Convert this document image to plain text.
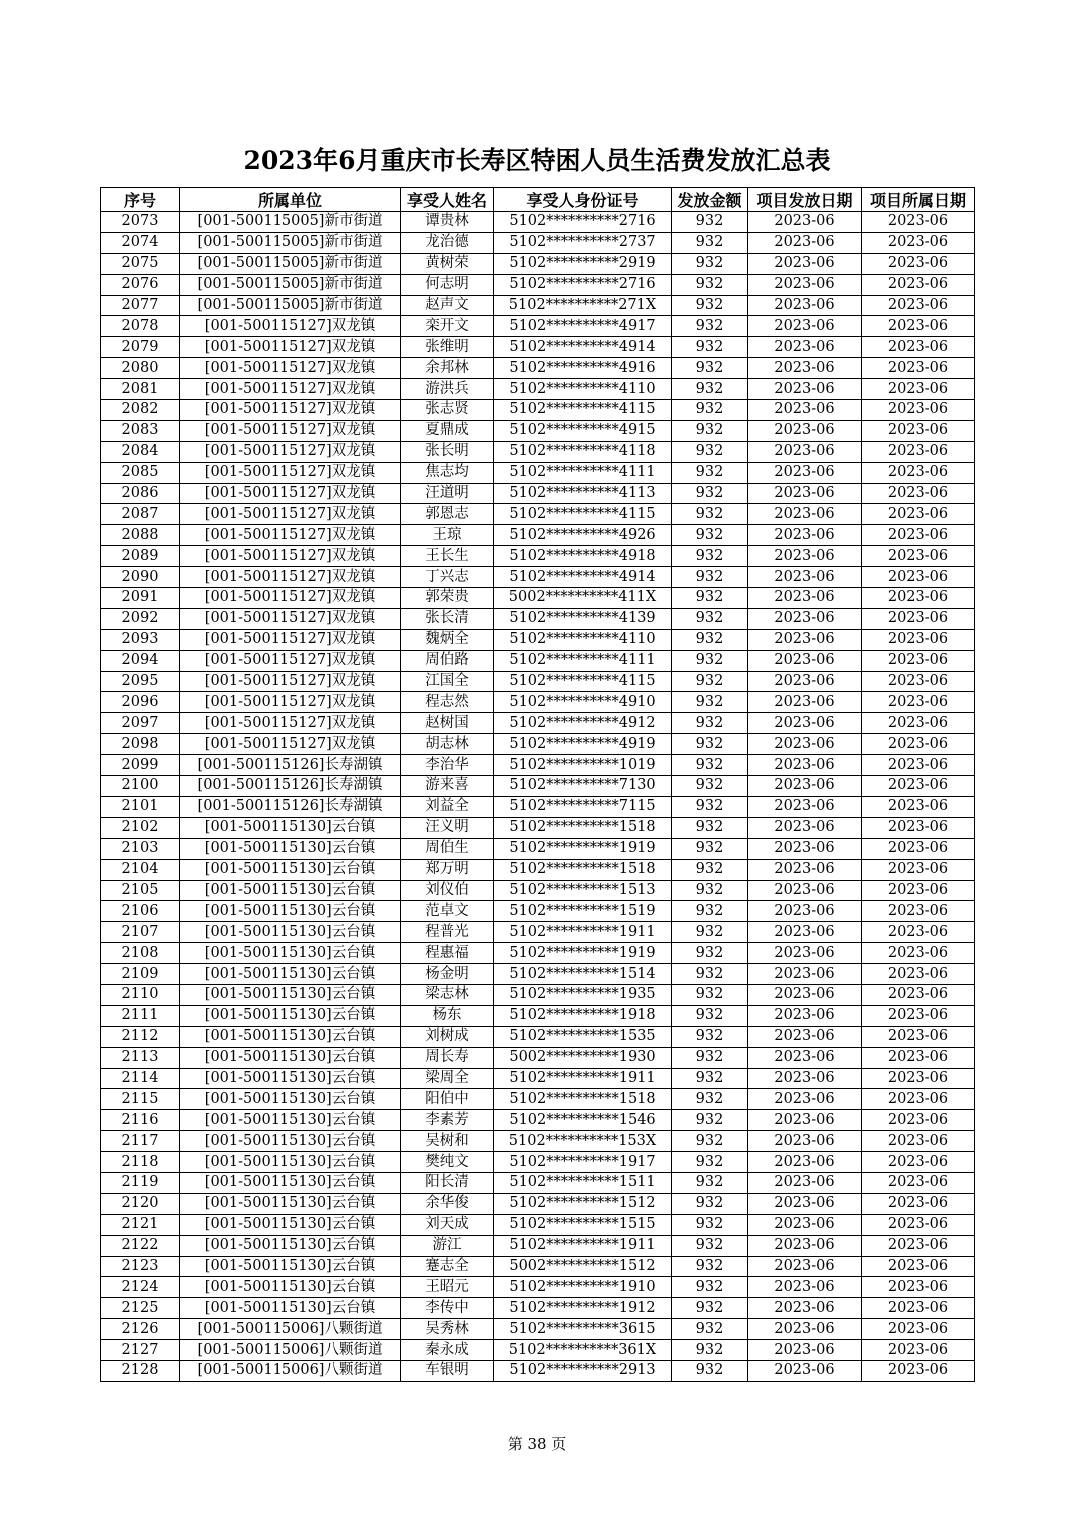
2023年6月重庆市长寿区特困人员生活费发放汇总表
序号	所属单位	享受人姓名	享受人身份证号	发放金额	项目发放日期	项目所属日期
2073	[001-500115005]新市街道	谭贵林	5102**********2716	932	2023-06	2023-06
2074	[001-500115005]新市街道	龙治德	5102**********2737	932	2023-06	2023-06
2075	[001-500115005]新市街道	黄树荣	5102**********2919	932	2023-06	2023-06
2076	[001-500115005]新市街道	何志明	5102**********2716	932	2023-06	2023-06
2077	[001-500115005]新市街道	赵声文	5102**********271X	932	2023-06	2023-06
2078	[001-500115127]双龙镇	栾开文	5102**********4917	932	2023-06	2023-06
2079	[001-500115127]双龙镇	张维明	5102**********4914	932	2023-06	2023-06
2080	[001-500115127]双龙镇	余邦林	5102**********4916	932	2023-06	2023-06
2081	[001-500115127]双龙镇	游洪兵	5102**********4110	932	2023-06	2023-06
2082	[001-500115127]双龙镇	张志贤	5102**********4115	932	2023-06	2023-06
2083	[001-500115127]双龙镇	夏鼎成	5102**********4915	932	2023-06	2023-06
2084	[001-500115127]双龙镇	张长明	5102**********4118	932	2023-06	2023-06
2085	[001-500115127]双龙镇	焦志均	5102**********4111	932	2023-06	2023-06
2086	[001-500115127]双龙镇	汪道明	5102**********4113	932	2023-06	2023-06
2087	[001-500115127]双龙镇	郭恩志	5102**********4115	932	2023-06	2023-06
2088	[001-500115127]双龙镇	王琼	5102**********4926	932	2023-06	2023-06
2089	[001-500115127]双龙镇	王长生	5102**********4918	932	2023-06	2023-06
2090	[001-500115127]双龙镇	丁兴志	5102**********4914	932	2023-06	2023-06
2091	[001-500115127]双龙镇	郭荣贵	5002**********411X	932	2023-06	2023-06
2092	[001-500115127]双龙镇	张长清	5102**********4139	932	2023-06	2023-06
2093	[001-500115127]双龙镇	魏炳全	5102**********4110	932	2023-06	2023-06
2094	[001-500115127]双龙镇	周伯路	5102**********4111	932	2023-06	2023-06
2095	[001-500115127]双龙镇	江国全	5102**********4115	932	2023-06	2023-06
2096	[001-500115127]双龙镇	程志然	5102**********4910	932	2023-06	2023-06
2097	[001-500115127]双龙镇	赵树国	5102**********4912	932	2023-06	2023-06
2098	[001-500115127]双龙镇	胡志林	5102**********4919	932	2023-06	2023-06
2099	[001-500115126]长寿湖镇	李治华	5102**********1019	932	2023-06	2023-06
2100	[001-500115126]长寿湖镇	游来喜	5102**********7130	932	2023-06	2023-06
2101	[001-500115126]长寿湖镇	刘益全	5102**********7115	932	2023-06	2023-06
2102	[001-500115130]云台镇	汪义明	5102**********1518	932	2023-06	2023-06
2103	[001-500115130]云台镇	周伯生	5102**********1919	932	2023-06	2023-06
2104	[001-500115130]云台镇	郑万明	5102**********1518	932	2023-06	2023-06
2105	[001-500115130]云台镇	刘仪伯	5102**********1513	932	2023-06	2023-06
2106	[001-500115130]云台镇	范卓文	5102**********1519	932	2023-06	2023-06
2107	[001-500115130]云台镇	程普光	5102**********1911	932	2023-06	2023-06
2108	[001-500115130]云台镇	程惠福	5102**********1919	932	2023-06	2023-06
2109	[001-500115130]云台镇	杨金明	5102**********1514	932	2023-06	2023-06
2110	[001-500115130]云台镇	梁志林	5102**********1935	932	2023-06	2023-06
2111	[001-500115130]云台镇	杨东	5102**********1918	932	2023-06	2023-06
2112	[001-500115130]云台镇	刘树成	5102**********1535	932	2023-06	2023-06
2113	[001-500115130]云台镇	周长寿	5002**********1930	932	2023-06	2023-06
2114	[001-500115130]云台镇	梁周全	5102**********1911	932	2023-06	2023-06
2115	[001-500115130]云台镇	阳伯中	5102**********1518	932	2023-06	2023-06
2116	[001-500115130]云台镇	李素芳	5102**********1546	932	2023-06	2023-06
2117	[001-500115130]云台镇	吴树和	5102**********153X	932	2023-06	2023-06
2118	[001-500115130]云台镇	樊纯文	5102**********1917	932	2023-06	2023-06
2119	[001-500115130]云台镇	阳长清	5102**********1511	932	2023-06	2023-06
2120	[001-500115130]云台镇	余华俊	5102**********1512	932	2023-06	2023-06
2121	[001-500115130]云台镇	刘天成	5102**********1515	932	2023-06	2023-06
2122	[001-500115130]云台镇	游江	5102**********1911	932	2023-06	2023-06
2123	[001-500115130]云台镇	蹇志全	5002**********1512	932	2023-06	2023-06
2124	[001-500115130]云台镇	王昭元	5102**********1910	932	2023-06	2023-06
2125	[001-500115130]云台镇	李传中	5102**********1912	932	2023-06	2023-06
2126	[001-500115006]八颗街道	吴秀林	5102**********3615	932	2023-06	2023-06
2127	[001-500115006]八颗街道	秦永成	5102**********361X	932	2023-06	2023-06
2128	[001-500115006]八颗街道	车银明	5102**********2913	932	2023-06	2023-06
第 38 页
